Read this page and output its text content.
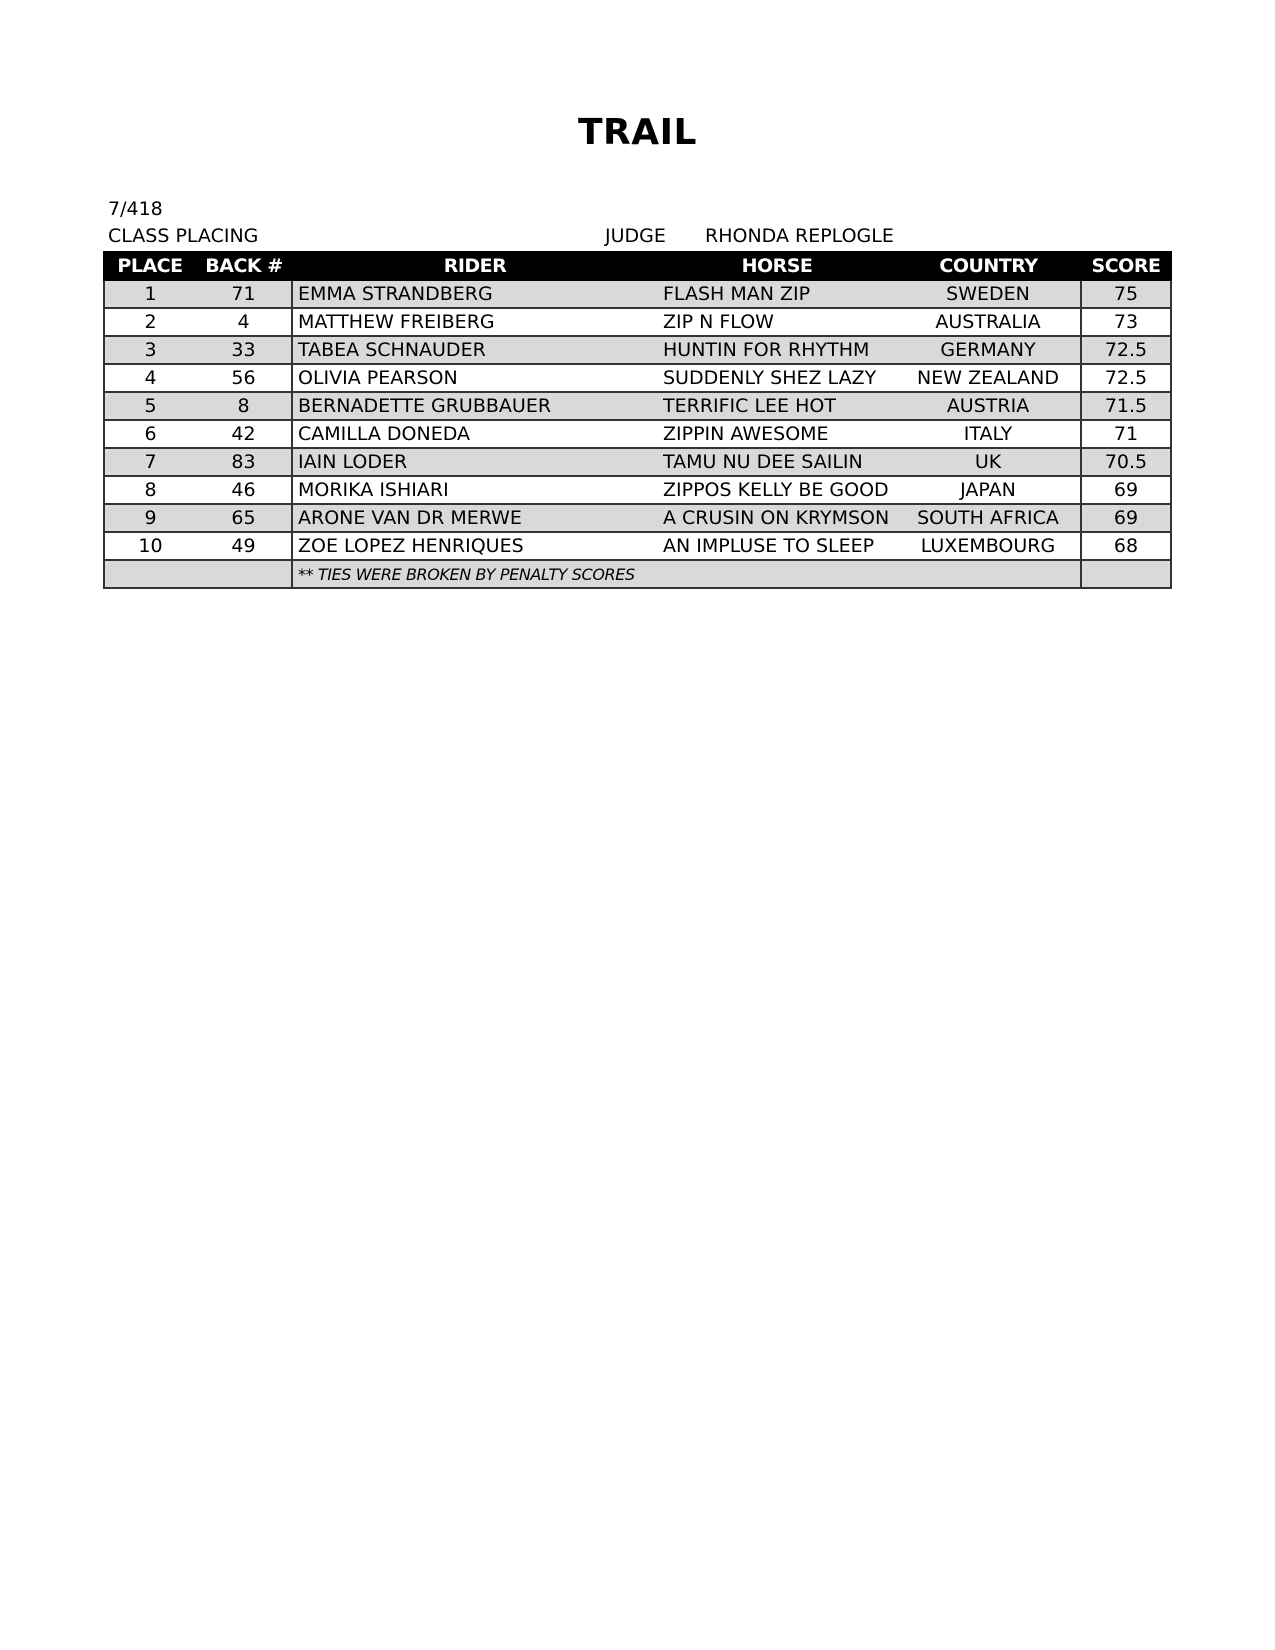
TRAIL
7/418
CLASS PLACING	JUDGE RHONDA REPLOGLE
PLACE	BACK #	RIDER	HORSE	COUNTRY	SCORE
1	71	EMMA STRANDBERG	FLASH MAN ZIP	SWEDEN	75
2	4	MATTHEW FREIBERG	ZIP N FLOW	AUSTRALIA	73
3	33	TABEA SCHNAUDER	HUNTIN FOR RHYTHM	GERMANY	72.5
4	56	OLIVIA PEARSON	SUDDENLY SHEZ LAZY	NEW ZEALAND	72.5
5	8	BERNADETTE GRUBBAUER	TERRIFIC LEE HOT	AUSTRIA	71.5
6	42	CAMILLA DONEDA	ZIPPIN AWESOME	ITALY	71
7	83	IAIN LODER	TAMU NU DEE SAILIN	UK	70.5
8	46	MORIKA ISHIARI	ZIPPOS KELLY BE GOOD	JAPAN	69
9	65	ARONE VAN DR MERWE	A CRUSIN ON KRYMSON	SOUTH AFRICA	69
10	49	ZOE LOPEZ HENRIQUES	AN IMPLUSE TO SLEEP	LUXEMBOURG	68
		** TIES WERE BROKEN BY PENALTY SCORES			
